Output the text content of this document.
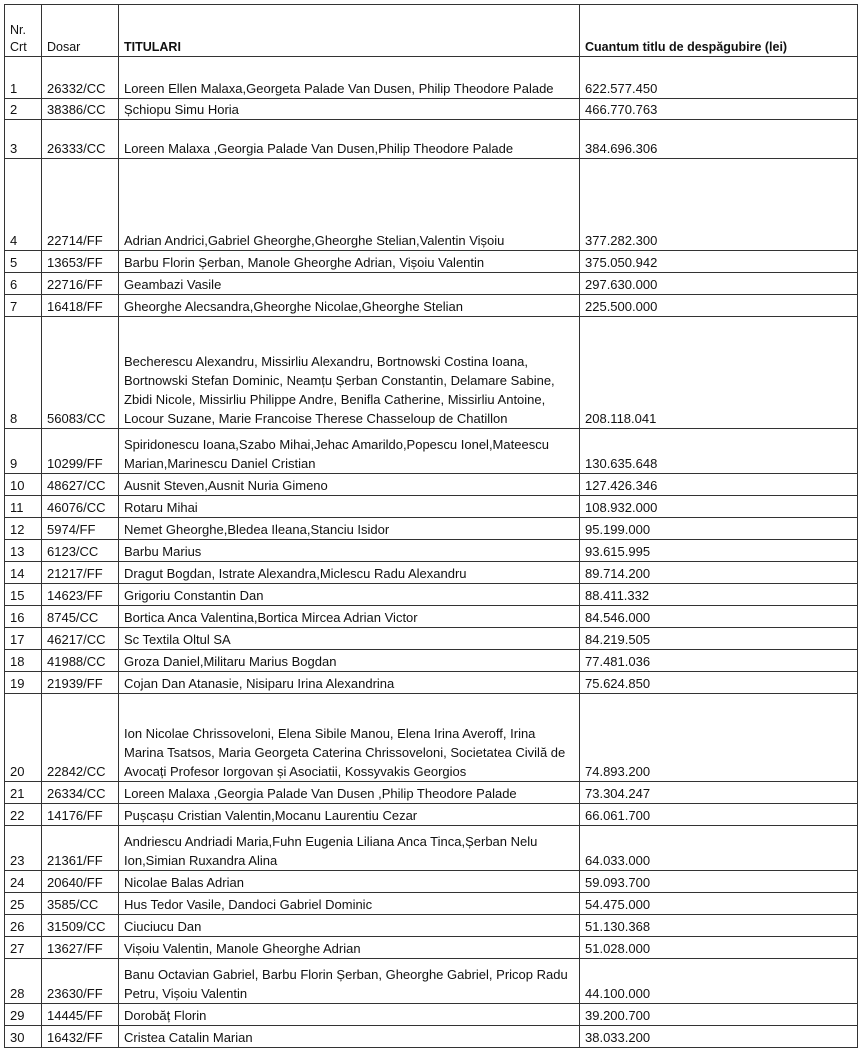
Nr.
Crt	Dosar	TITULARI	Cuantum titlu de despăgubire (lei)
1	26332/CC	Loreen Ellen Malaxa,Georgeta Palade Van Dusen, Philip Theodore Palade	622.577.450
2	38386/CC	Șchiopu Simu Horia	466.770.763
3	26333/CC	Loreen Malaxa ,Georgia Palade Van Dusen,Philip Theodore Palade	384.696.306
4	22714/FF	Adrian Andrici,Gabriel Gheorghe,Gheorghe Stelian,Valentin Vișoiu	377.282.300
5	13653/FF	Barbu Florin Șerban, Manole Gheorghe Adrian, Vișoiu Valentin	375.050.942
6	22716/FF	Geambazi Vasile	297.630.000
7	16418/FF	Gheorghe Alecsandra,Gheorghe Nicolae,Gheorghe Stelian	225.500.000
8	56083/CC	Becherescu Alexandru, Missirliu Alexandru, Bortnowski Costina Ioana, Bortnowski Stefan Dominic, Neamțu Șerban Constantin, Delamare Sabine, Zbidi Nicole, Missirliu Philippe Andre, Benifla Catherine, Missirliu Antoine, Locour Suzane, Marie Francoise Therese Chasseloup de Chatillon	208.118.041
9	10299/FF	Spiridonescu Ioana,Szabo Mihai,Jehac Amarildo,Popescu Ionel,Mateescu Marian,Marinescu Daniel Cristian	130.635.648
10	48627/CC	Ausnit Steven,Ausnit Nuria Gimeno	127.426.346
11	46076/CC	Rotaru Mihai	108.932.000
12	5974/FF	Nemet Gheorghe,Bledea Ileana,Stanciu Isidor	95.199.000
13	6123/CC	Barbu Marius	93.615.995
14	21217/FF	Dragut Bogdan, Istrate Alexandra,Miclescu Radu Alexandru	89.714.200
15	14623/FF	Grigoriu Constantin Dan	88.411.332
16	8745/CC	Bortica Anca Valentina,Bortica Mircea Adrian Victor	84.546.000
17	46217/CC	Sc Textila Oltul SA	84.219.505
18	41988/CC	Groza Daniel,Militaru Marius Bogdan	77.481.036
19	21939/FF	Cojan Dan Atanasie, Nisiparu Irina Alexandrina	75.624.850
20	22842/CC	Ion Nicolae Chrissoveloni, Elena Sibile Manou, Elena Irina Averoff, Irina Marina Tsatsos, Maria Georgeta Caterina Chrissoveloni, Societatea Civilă de Avocați Profesor Iorgovan și Asociatii, Kossyvakis Georgios	74.893.200
21	26334/CC	Loreen Malaxa ,Georgia Palade Van Dusen ,Philip Theodore Palade	73.304.247
22	14176/FF	Pușcașu Cristian Valentin,Mocanu Laurentiu Cezar	66.061.700
23	21361/FF	Andriescu Andriadi Maria,Fuhn Eugenia Liliana Anca Tinca,Șerban Nelu Ion,Simian Ruxandra Alina	64.033.000
24	20640/FF	Nicolae Balas Adrian	59.093.700
25	3585/CC	Hus Tedor Vasile, Dandoci Gabriel Dominic	54.475.000
26	31509/CC	Ciuciucu Dan	51.130.368
27	13627/FF	Vișoiu Valentin, Manole Gheorghe Adrian	51.028.000
28	23630/FF	Banu Octavian Gabriel, Barbu Florin Șerban, Gheorghe Gabriel, Pricop Radu Petru, Vișoiu Valentin	44.100.000
29	14445/FF	Dorobăț Florin	39.200.700
30	16432/FF	Cristea Catalin Marian	38.033.200
